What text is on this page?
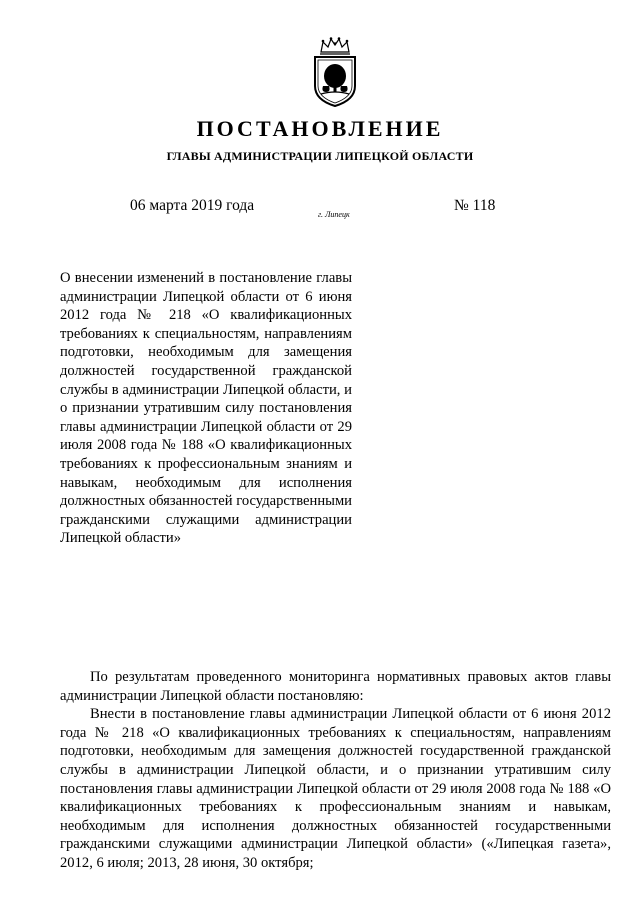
ПОСТАНОВЛЕНИЕ
ГЛАВЫ АДМИНИСТРАЦИИ ЛИПЕЦКОЙ ОБЛАСТИ
06 марта 2019 года
г. Липецк
№ 118

О внесении изменений в постановление главы администрации Липецкой области от 6 июня 2012 года № 218 «О квалификационных требованиях к специальностям, направлениям подготовки, необходимым для замещения должностей государственной гражданской службы в администрации Липецкой области, и о признании утратившим силу постановления главы администрации Липецкой области от 29 июля 2008 года № 188 «О квалификационных требованиях к профессиональным знаниям и навыкам, необходимым для исполнения должностных обязанностей государственными гражданскими служащими администрации Липецкой области»

По результатам проведенного мониторинга нормативных правовых актов главы администрации Липецкой области постановляю:

Внести в постановление главы администрации Липецкой области от 6 июня 2012 года № 218 «О квалификационных требованиях к специальностям, направлениям подготовки, необходимым для замещения должностей государственной гражданской службы в администрации Липецкой области, и о признании утратившим силу постановления главы администрации Липецкой области от 29 июля 2008 года № 188 «О квалификационных требованиях к профессиональным знаниям и навыкам, необходимым для исполнения должностных обязанностей государственными гражданскими служащими администрации Липецкой области» («Липецкая газета», 2012, 6 июля; 2013, 28 июня, 30 октября;
